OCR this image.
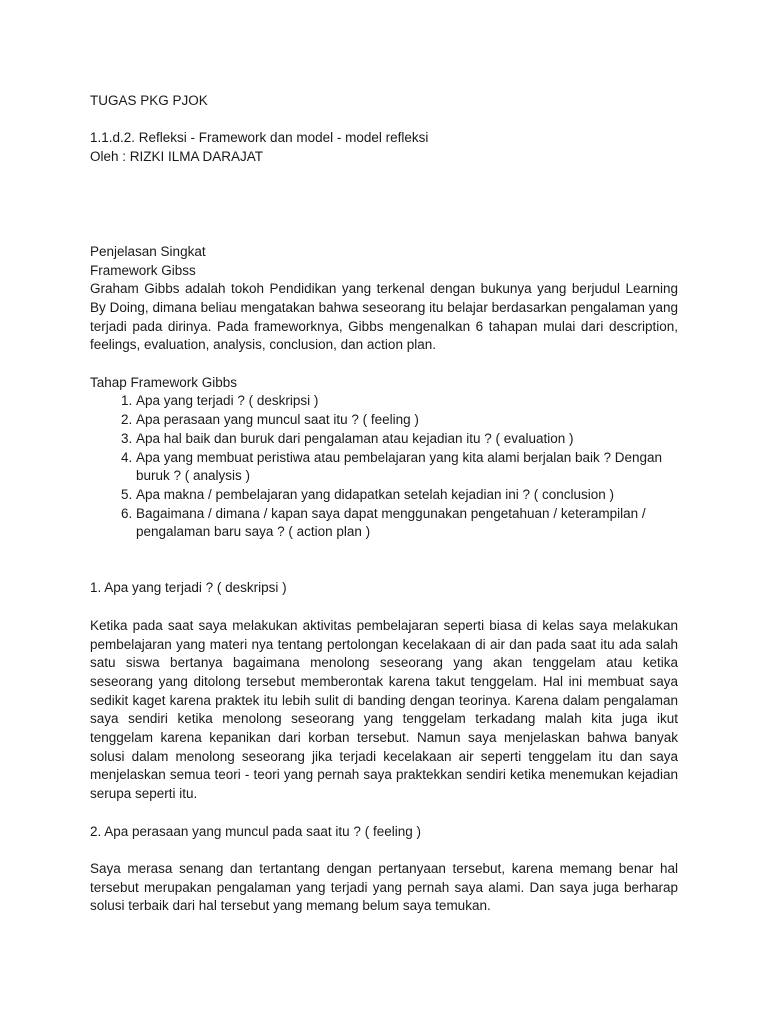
TUGAS PKG PJOK

1.1.d.2. Refleksi - Framework dan model - model refleksi

Oleh : RIZKI ILMA DARAJAT

Penjelasan Singkat

Framework Gibss

Graham Gibbs adalah tokoh Pendidikan yang terkenal dengan bukunya yang berjudul Learning By Doing, dimana beliau mengatakan bahwa seseorang itu belajar berdasarkan pengalaman yang terjadi pada dirinya. Pada frameworknya, Gibbs mengenalkan 6 tahapan mulai dari description, feelings, evaluation, analysis, conclusion, dan action plan.

Tahap Framework Gibbs

1. Apa yang terjadi ? ( deskripsi )
2. Apa perasaan yang muncul saat itu ? ( feeling )
3. Apa hal baik dan buruk dari pengalaman atau kejadian itu ? ( evaluation )
4. Apa yang membuat peristiwa atau pembelajaran yang kita alami berjalan baik ? Dengan buruk ? ( analysis )
5. Apa makna / pembelajaran yang didapatkan setelah kejadian ini ? ( conclusion )
6. Bagaimana / dimana / kapan saya dapat menggunakan pengetahuan / keterampilan / pengalaman baru saya ? ( action plan )

1. Apa yang terjadi ? ( deskripsi )

Ketika pada saat saya melakukan aktivitas pembelajaran seperti biasa di kelas saya melakukan pembelajaran yang materi nya tentang pertolongan kecelakaan di air dan pada saat itu ada salah satu siswa bertanya bagaimana menolong seseorang yang akan tenggelam atau ketika seseorang yang ditolong tersebut memberontak karena takut tenggelam. Hal ini membuat saya sedikit kaget karena praktek itu lebih sulit di banding dengan teorinya. Karena dalam pengalaman saya sendiri ketika menolong seseorang yang tenggelam terkadang malah kita juga ikut tenggelam karena kepanikan dari korban tersebut. Namun saya menjelaskan bahwa banyak solusi dalam menolong seseorang jika terjadi kecelakaan air seperti tenggelam itu dan saya menjelaskan semua teori - teori yang pernah saya praktekkan sendiri ketika menemukan kejadian serupa seperti itu.

2. Apa perasaan yang muncul pada saat itu ? ( feeling )

Saya merasa senang dan tertantang dengan pertanyaan tersebut, karena memang benar hal tersebut merupakan pengalaman yang terjadi yang pernah saya alami. Dan saya juga berharap solusi terbaik dari hal tersebut yang memang belum saya temukan.
